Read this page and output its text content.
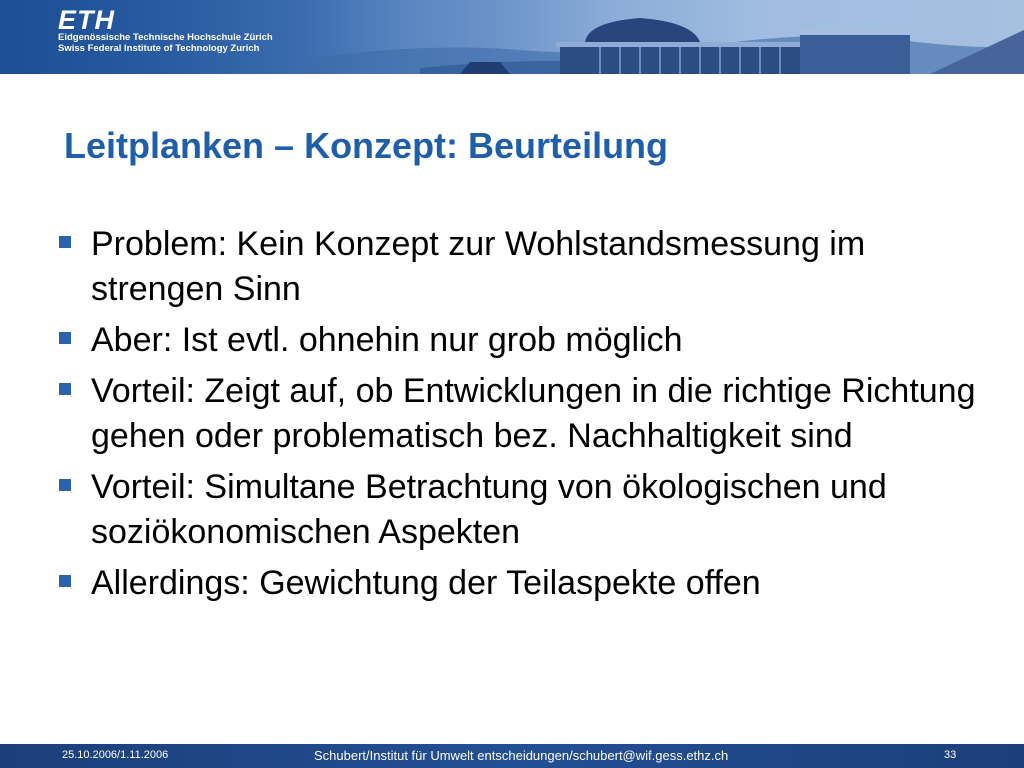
ETH
Eidgenössische Technische Hochschule Zürich
Swiss Federal Institute of Technology Zurich
Leitplanken – Konzept: Beurteilung
Problem: Kein Konzept zur Wohlstandsmessung im strengen Sinn
Aber: Ist evtl. ohnehin nur grob möglich
Vorteil: Zeigt auf, ob Entwicklungen in die richtige Richtung gehen oder problematisch bez. Nachhaltigkeit sind
Vorteil: Simultane Betrachtung von ökologischen und soziökonomischen Aspekten
Allerdings: Gewichtung der Teilaspekte offen
25.10.2006/1.11.2006	Schubert/Institut für Umwelt entscheidungen/schubert@wif.gess.ethz.ch	33
